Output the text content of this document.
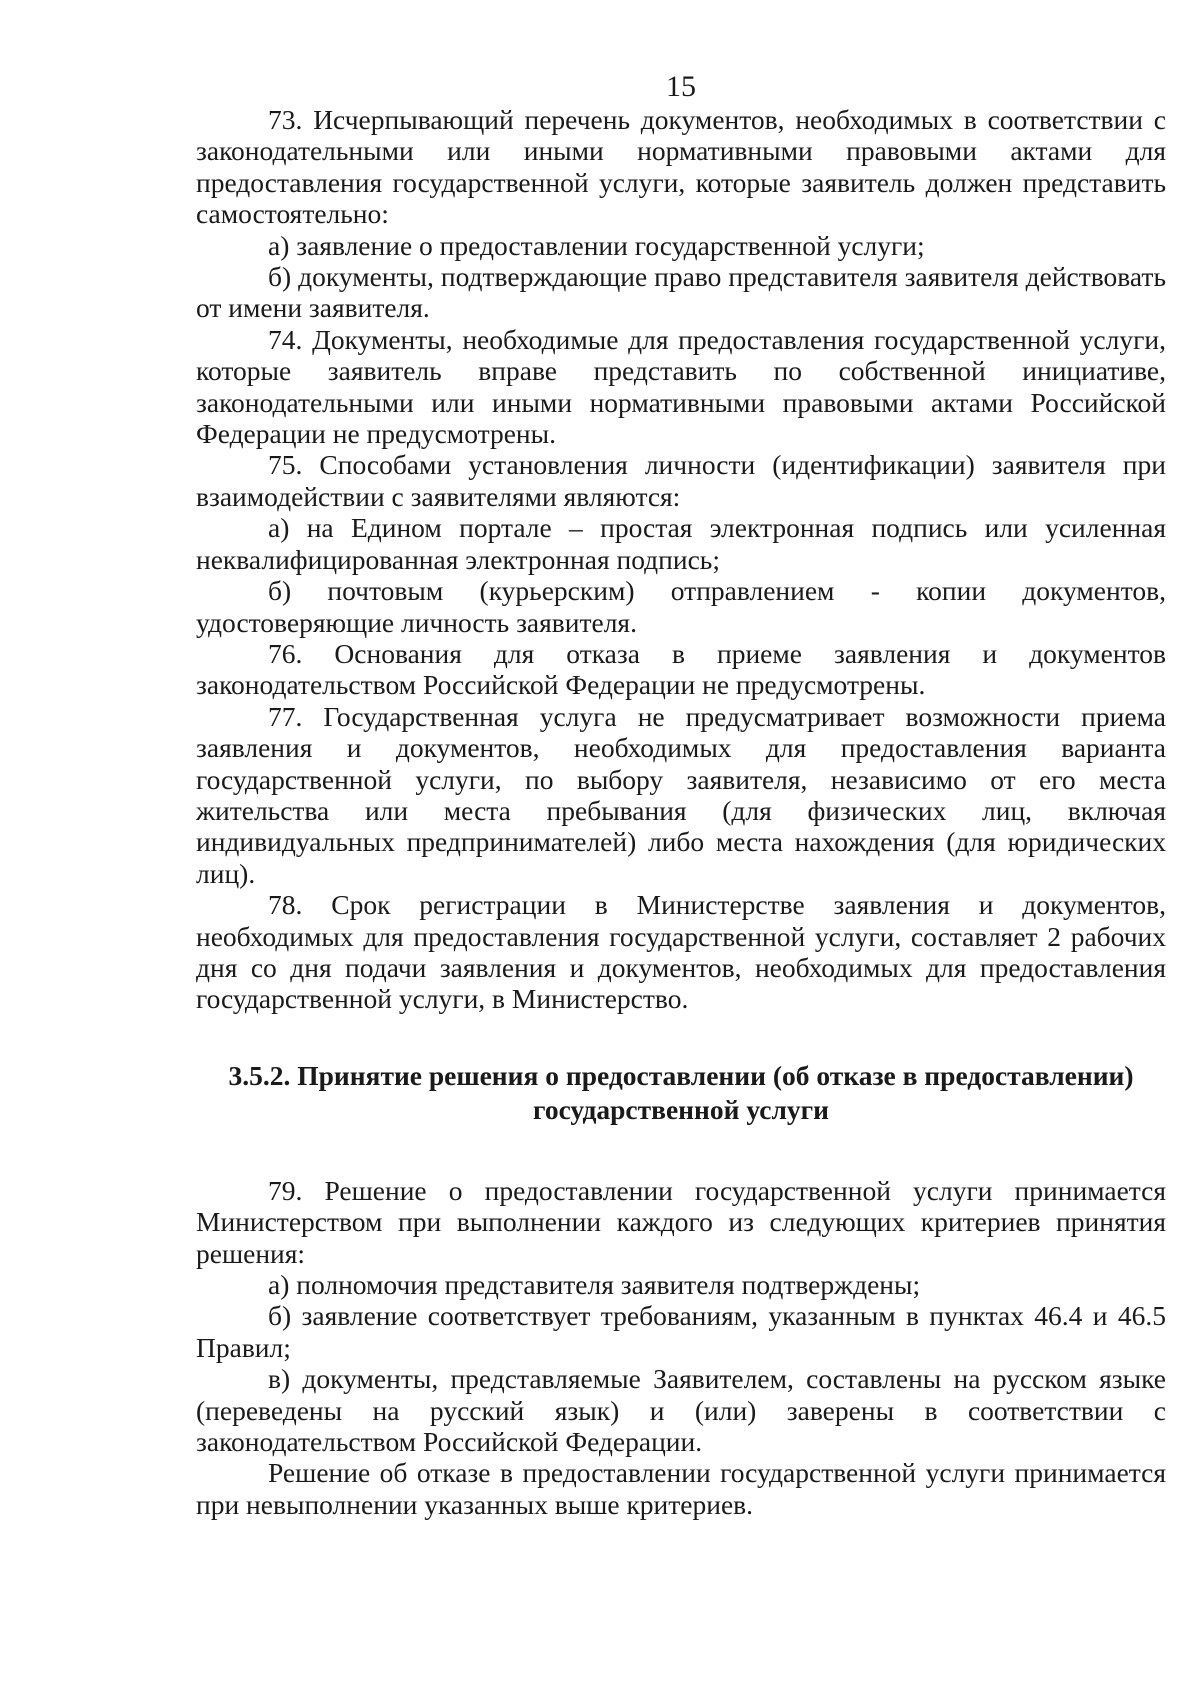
15

73. Исчерпывающий перечень документов, необходимых в соответствии с законодательными или иными нормативными правовыми актами для предоставления государственной услуги, которые заявитель должен представить самостоятельно:

а) заявление о предоставлении государственной услуги;

б) документы, подтверждающие право представителя заявителя действовать от имени заявителя.

74. Документы, необходимые для предоставления государственной услуги, которые заявитель вправе представить по собственной инициативе, законодательными или иными нормативными правовыми актами Российской Федерации не предусмотрены.

75. Способами установления личности (идентификации) заявителя при взаимодействии с заявителями являются:

а) на Едином портале – простая электронная подпись или усиленная неквалифицированная электронная подпись;

б) почтовым (курьерским) отправлением - копии документов, удостоверяющие личность заявителя.

76. Основания для отказа в приеме заявления и документов законодательством Российской Федерации не предусмотрены.

77. Государственная услуга не предусматривает возможности приема заявления и документов, необходимых для предоставления варианта государственной услуги, по выбору заявителя, независимо от его места жительства или места пребывания (для физических лиц, включая индивидуальных предпринимателей) либо места нахождения (для юридических лиц).

78. Срок регистрации в Министерстве заявления и документов, необходимых для предоставления государственной услуги, составляет 2 рабочих дня со дня подачи заявления и документов, необходимых для предоставления государственной услуги, в Министерство.

3.5.2. Принятие решения о предоставлении (об отказе в предоставлении)
государственной услуги

79. Решение о предоставлении государственной услуги принимается Министерством при выполнении каждого из следующих критериев принятия решения:

а) полномочия представителя заявителя подтверждены;

б) заявление соответствует требованиям, указанным в пунктах 46.4 и 46.5 Правил;

в) документы, представляемые Заявителем, составлены на русском языке (переведены на русский язык) и (или) заверены в соответствии с законодательством Российской Федерации.

Решение об отказе в предоставлении государственной услуги принимается при невыполнении указанных выше критериев.
